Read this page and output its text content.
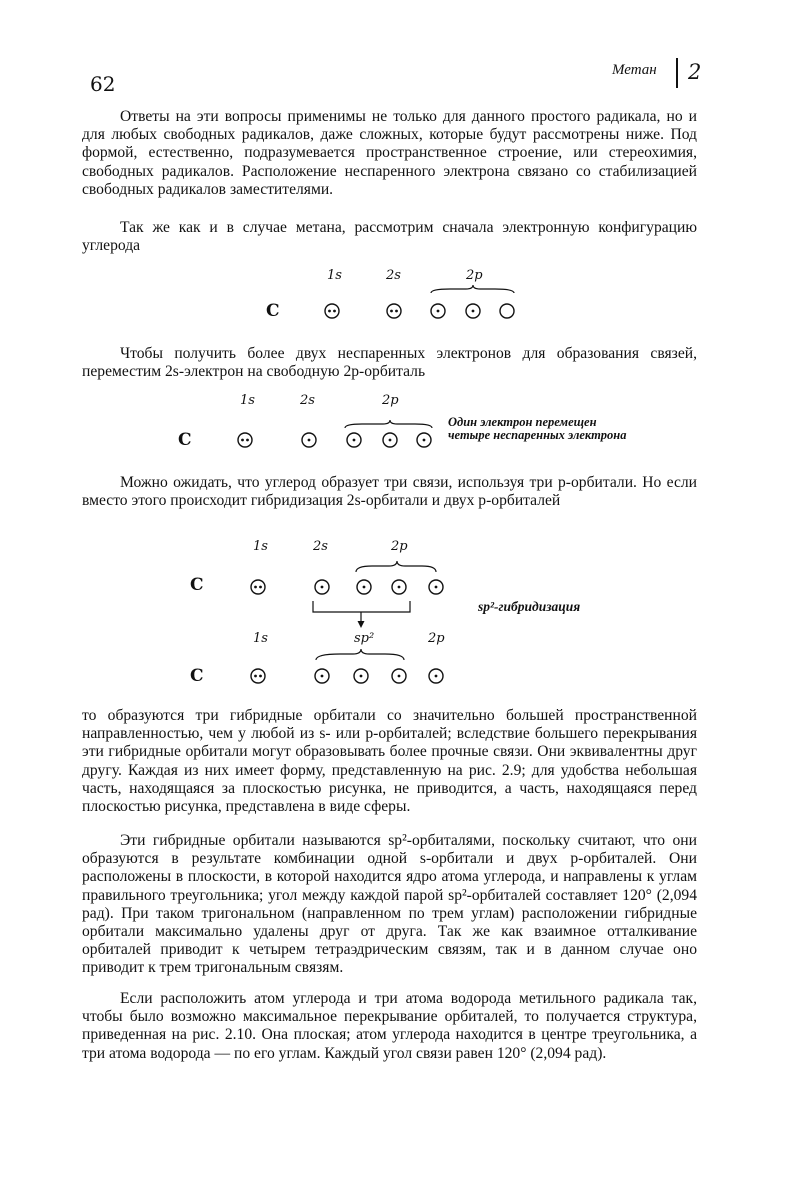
62
Метан 2
Ответы на эти вопросы применимы не только для данного простого радикала, но и для любых свободных радикалов, даже сложных, которые будут рассмотрены ниже. Под формой, естественно, подразумевается пространственное строение, или стереохимия, свободных радикалов. Расположение неспаренного электрона связано со стабилизацией свободных радикалов заместителями.
Так же как и в случае метана, рассмотрим сначала электронную конфигурацию углерода
1s	2s	2p
C
Чтобы получить более двух неспаренных электронов для образования связей, переместим 2s-электрон на свободную 2p-орбиталь
1s	2s	2p
C
Один электрон перемещен четыре неспаренных электрона
Можно ожидать, что углерод образует три связи, используя три p-орбитали. Но если вместо этого происходит гибридизация 2s-орбитали и двух p-орбиталей
1s	2s	2p
C
sp²-гибридизация
1s	sp²	2p
C
то образуются три гибридные орбитали со значительно большей пространственной направленностью, чем у любой из s- или p-орбиталей; вследствие большего перекрывания эти гибридные орбитали могут образовывать более прочные связи. Они эквивалентны друг другу. Каждая из них имеет форму, представленную на рис. 2.9; для удобства небольшая часть, находящаяся за плоскостью рисунка, не приводится, а часть, находящаяся перед плоскостью рисунка, представлена в виде сферы.
Эти гибридные орбитали называются sp²-орбиталями, поскольку считают, что они образуются в результате комбинации одной s-орбитали и двух p-орбиталей. Они расположены в плоскости, в которой находится ядро атома углерода, и направлены к углам правильного треугольника; угол между каждой парой sp²-орбиталей составляет 120° (2,094 рад). При таком тригональном (направленном по трем углам) расположении гибридные орбитали максимально удалены друг от друга. Так же как взаимное отталкивание орбиталей приводит к четырем тетраэдрическим связям, так и в данном случае оно приводит к трем тригональным связям.
Если расположить атом углерода и три атома водорода метильного радикала так, чтобы было возможно максимальное перекрывание орбиталей, то получается структура, приведенная на рис. 2.10. Она плоская; атом углерода находится в центре треугольника, а три атома водорода — по его углам. Каждый угол связи равен 120° (2,094 рад).
